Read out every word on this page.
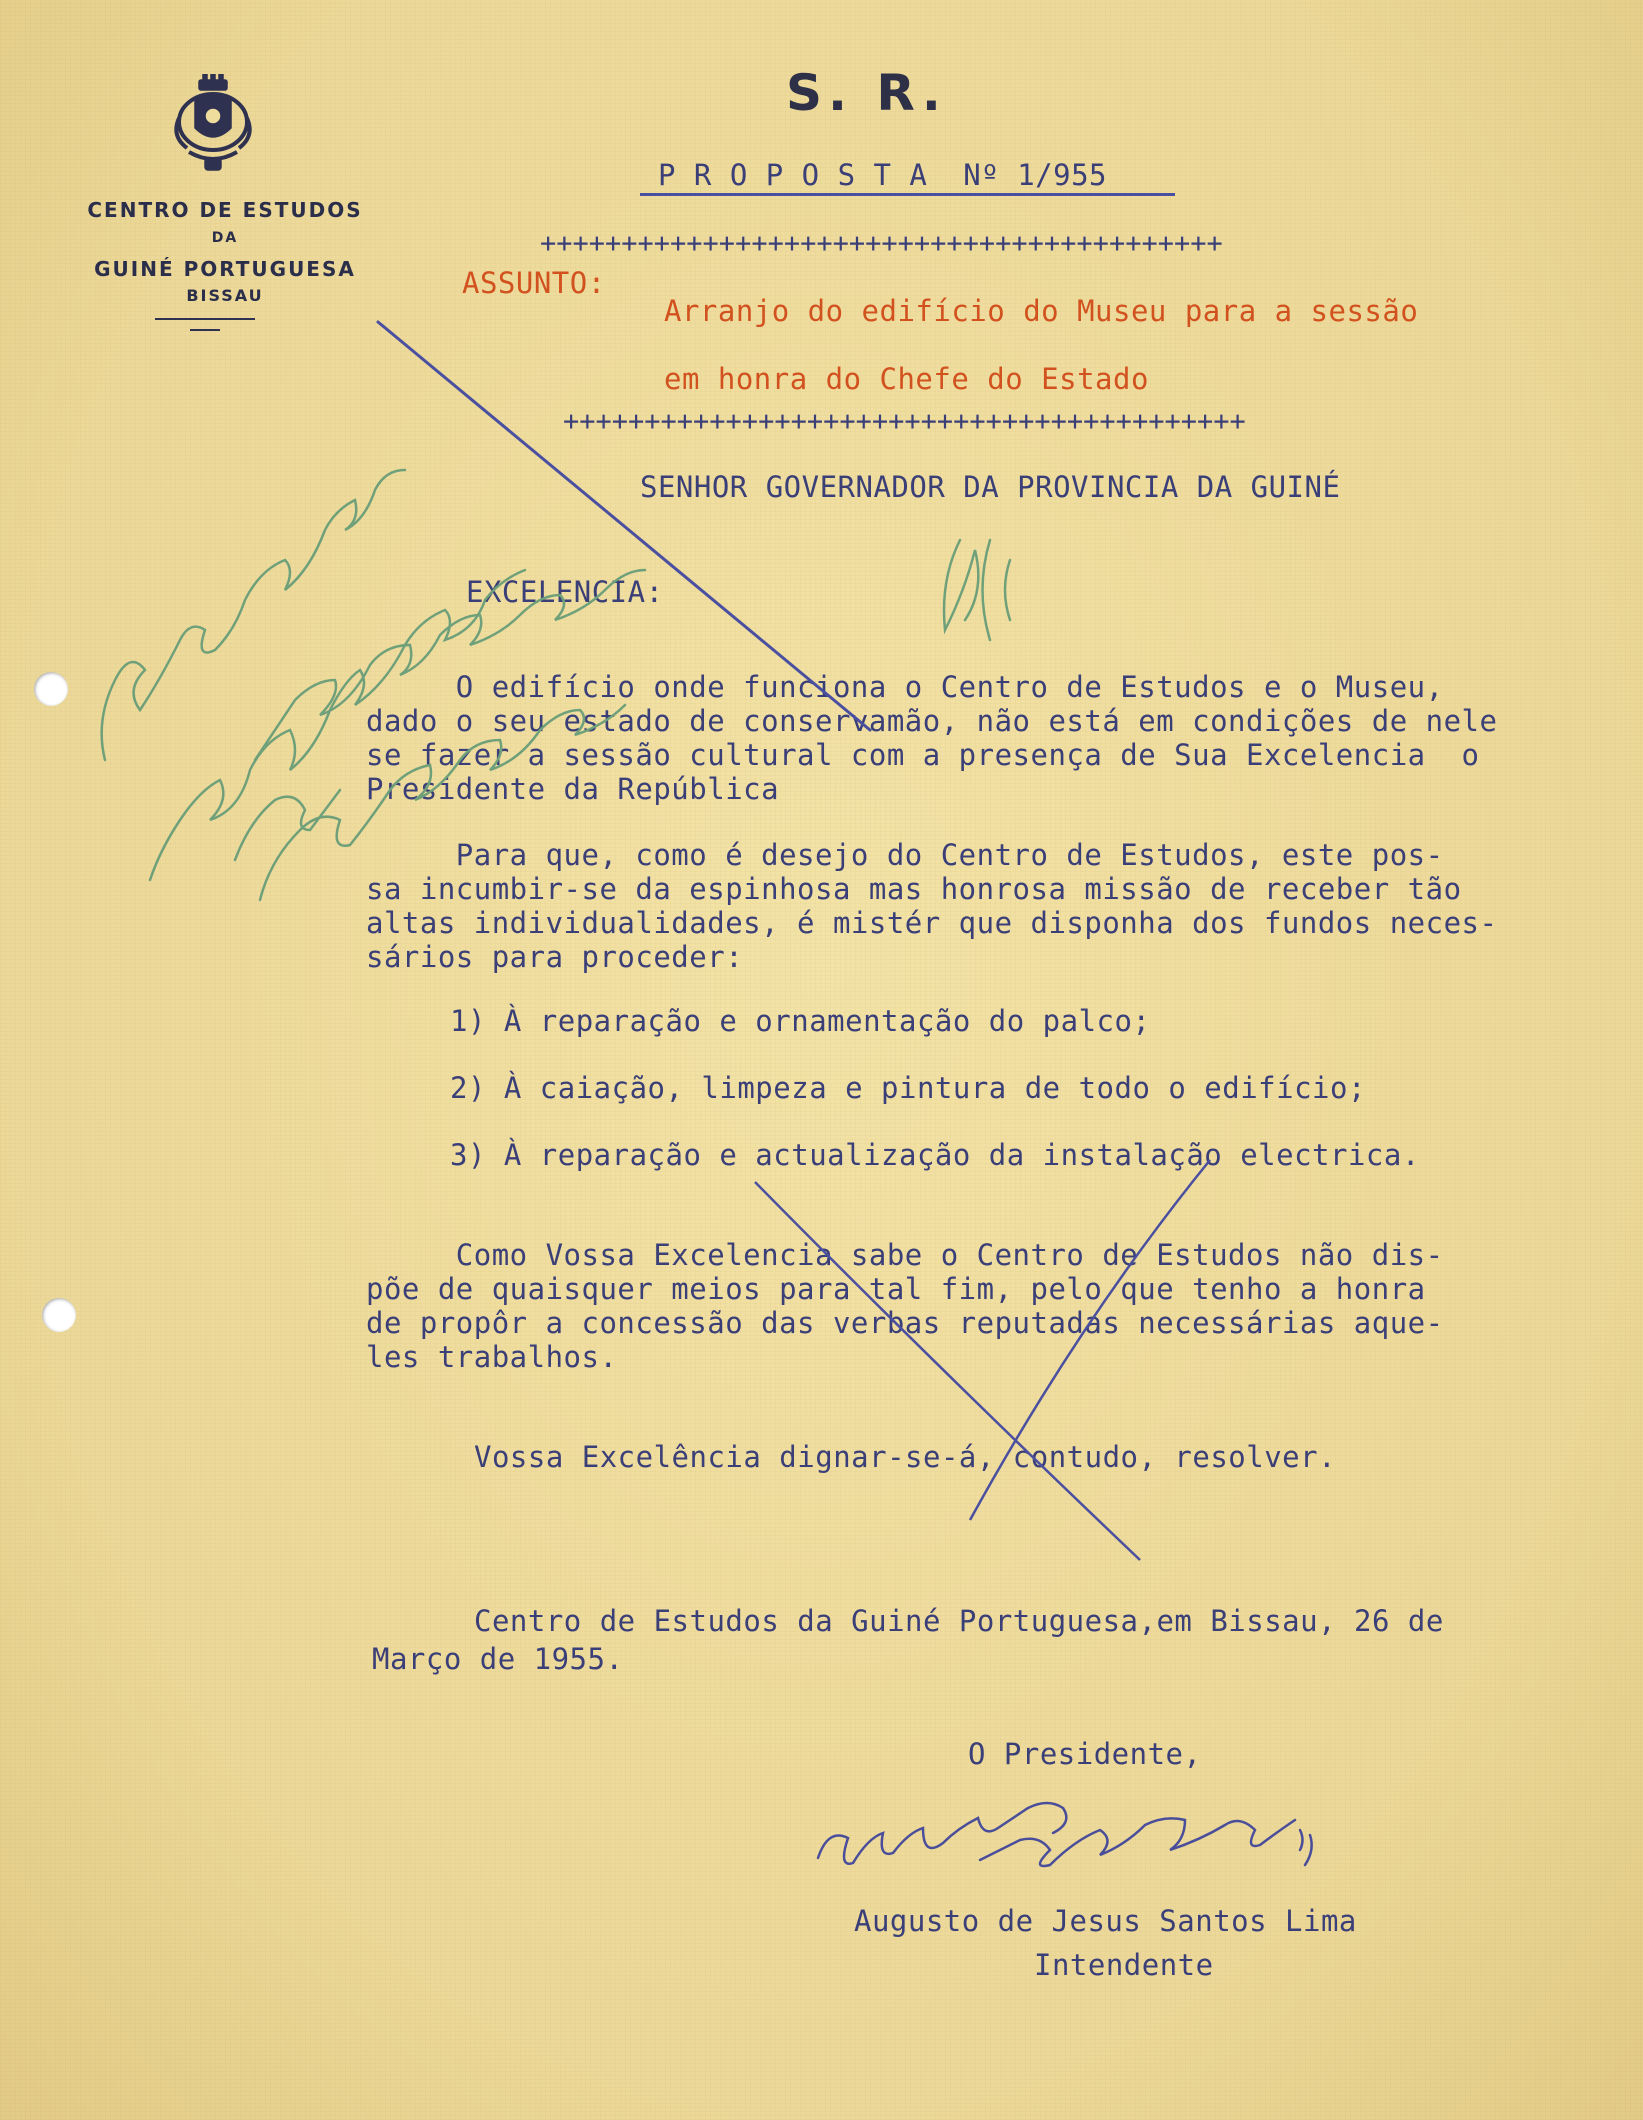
CENTRO DE ESTUDOS
DA
GUINÉ PORTUGUESA
BISSAU
S. R.
P R O P O S T A  Nº 1/955
++++++++++++++++++++++++++++++++++++++++++
ASSUNTO:
Arranjo do edifício do Museu para a sessão
em honra do Chefe do Estado
++++++++++++++++++++++++++++++++++++++++++
SENHOR GOVERNADOR DA PROVINCIA DA GUINÉ
EXCELENCIA:
O edifício onde funciona o Centro de Estudos e o Museu,
dado o seu estado de conservamão, não está em condições de nele
se fazer a sessão cultural com a presença de Sua Excelencia  o
Presidente da República
Para que, como é desejo do Centro de Estudos, este pos-
sa incumbir-se da espinhosa mas honrosa missão de receber tão
altas individualidades, é mistér que disponha dos fundos neces-
sários para proceder:
1) À reparação e ornamentação do palco;
2) À caiação, limpeza e pintura de todo o edifício;
3) À reparação e actualização da instalação electrica.
Como Vossa Excelencia sabe o Centro de Estudos não dis-
põe de quaisquer meios para tal fim, pelo que tenho a honra
de propôr a concessão das verbas reputadas necessárias aque-
les trabalhos.
Vossa Excelência dignar-se-á, contudo, resolver.
Centro de Estudos da Guiné Portuguesa,em Bissau, 26 de
Março de 1955.
O Presidente,
Augusto de Jesus Santos Lima
Intendente
